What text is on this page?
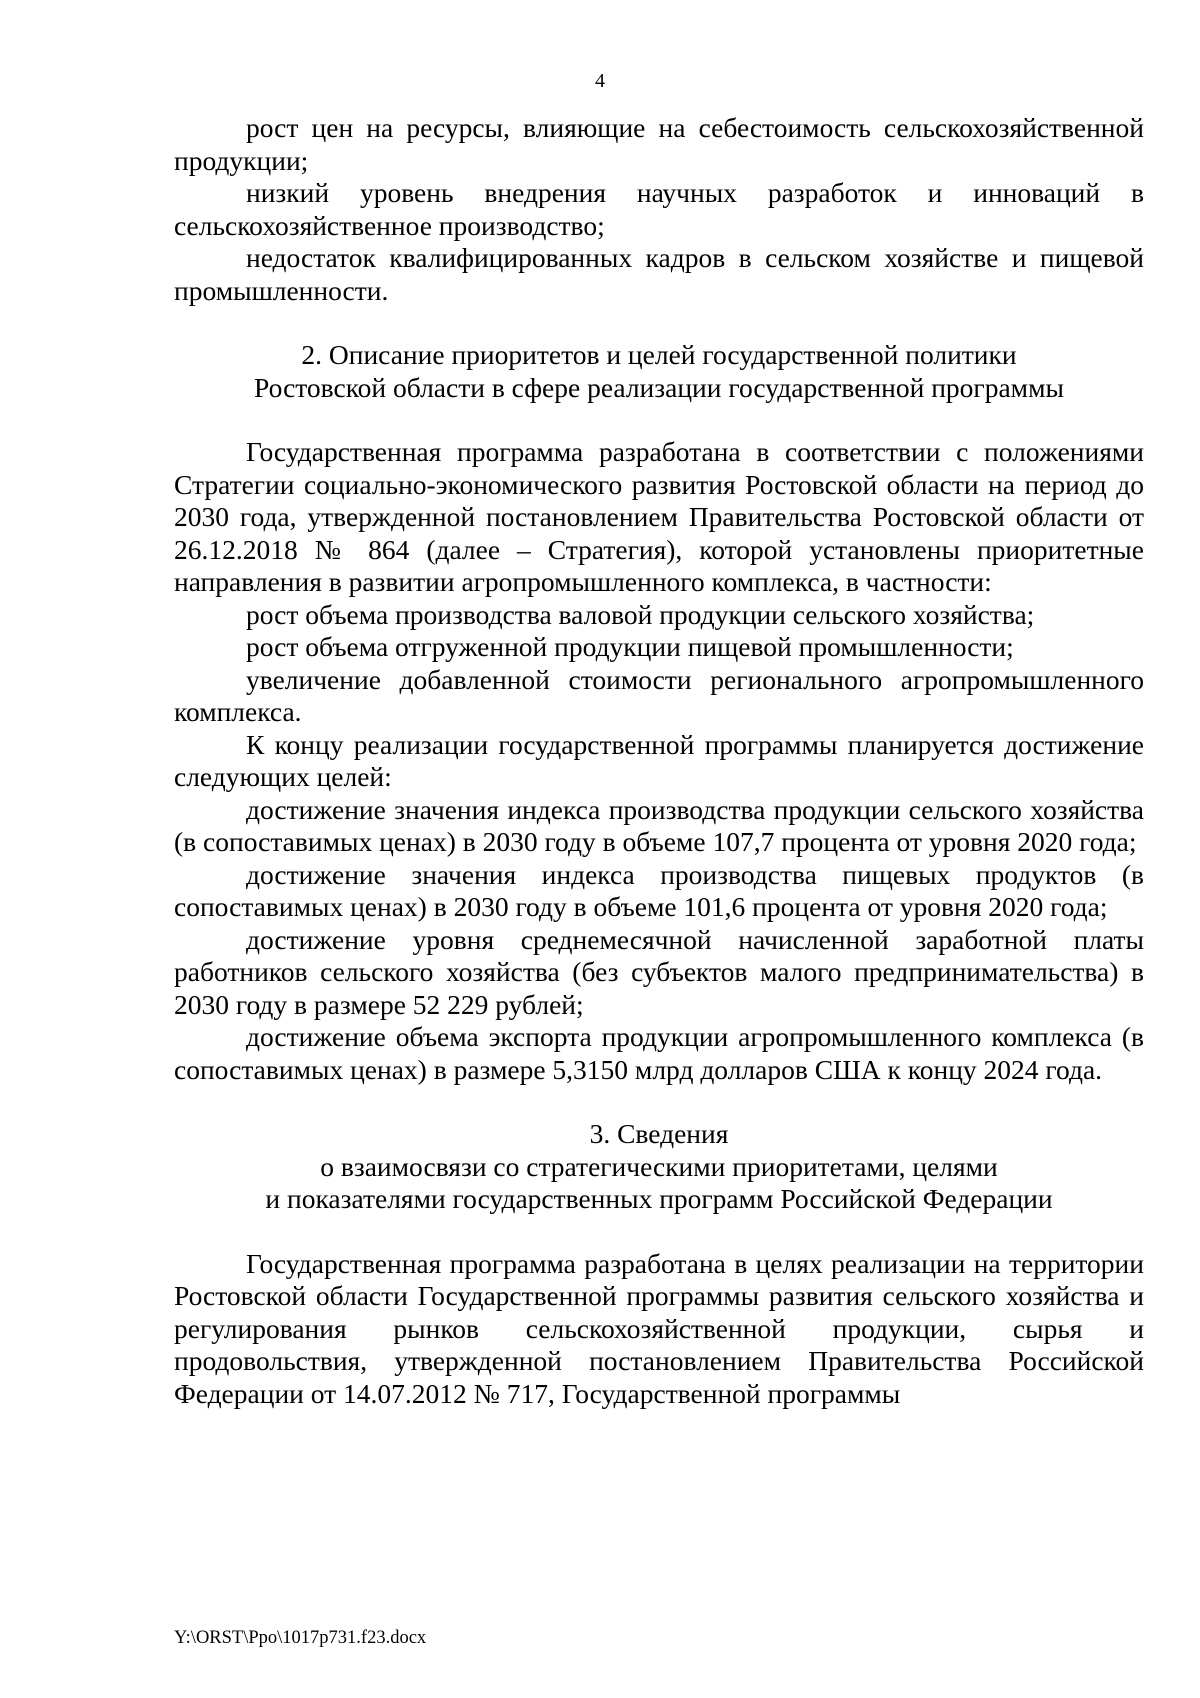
4

рост цен на ресурсы, влияющие на себестоимость сельскохозяйственной продукции;

низкий уровень внедрения научных разработок и инноваций в сельскохозяйственное производство;

недостаток квалифицированных кадров в сельском хозяйстве и пищевой промышленности.

2. Описание приоритетов и целей государственной политики

Ростовской области в сфере реализации государственной программы

Государственная программа разработана в соответствии с положениями Стратегии социально-экономического развития Ростовской области на период до 2030 года, утвержденной постановлением Правительства Ростовской области от 26.12.2018 № 864 (далее – Стратегия), которой установлены приоритетные направления в развитии агропромышленного комплекса, в частности:

рост объема производства валовой продукции сельского хозяйства;

рост объема отгруженной продукции пищевой промышленности;

увеличение добавленной стоимости регионального агропромышленного комплекса.

К концу реализации государственной программы планируется достижение следующих целей:

достижение значения индекса производства продукции сельского хозяйства (в сопоставимых ценах) в 2030 году в объеме 107,7 процента от уровня 2020 года;

достижение значения индекса производства пищевых продуктов (в сопоставимых ценах) в 2030 году в объеме 101,6 процента от уровня 2020 года;

достижение уровня среднемесячной начисленной заработной платы работников сельского хозяйства (без субъектов малого предпринимательства) в 2030 году в размере 52 229 рублей;

достижение объема экспорта продукции агропромышленного комплекса (в сопоставимых ценах) в размере 5,3150 млрд долларов США к концу 2024 года.

3. Сведения

о взаимосвязи со стратегическими приоритетами, целями

и показателями государственных программ Российской Федерации

Государственная программа разработана в целях реализации на территории Ростовской области Государственной программы развития сельского хозяйства и регулирования рынков сельскохозяйственной продукции, сырья и продовольствия, утвержденной постановлением Правительства Российской Федерации от 14.07.2012 № 717, Государственной программы

Y:\ORST\Ppo\1017p731.f23.docx
